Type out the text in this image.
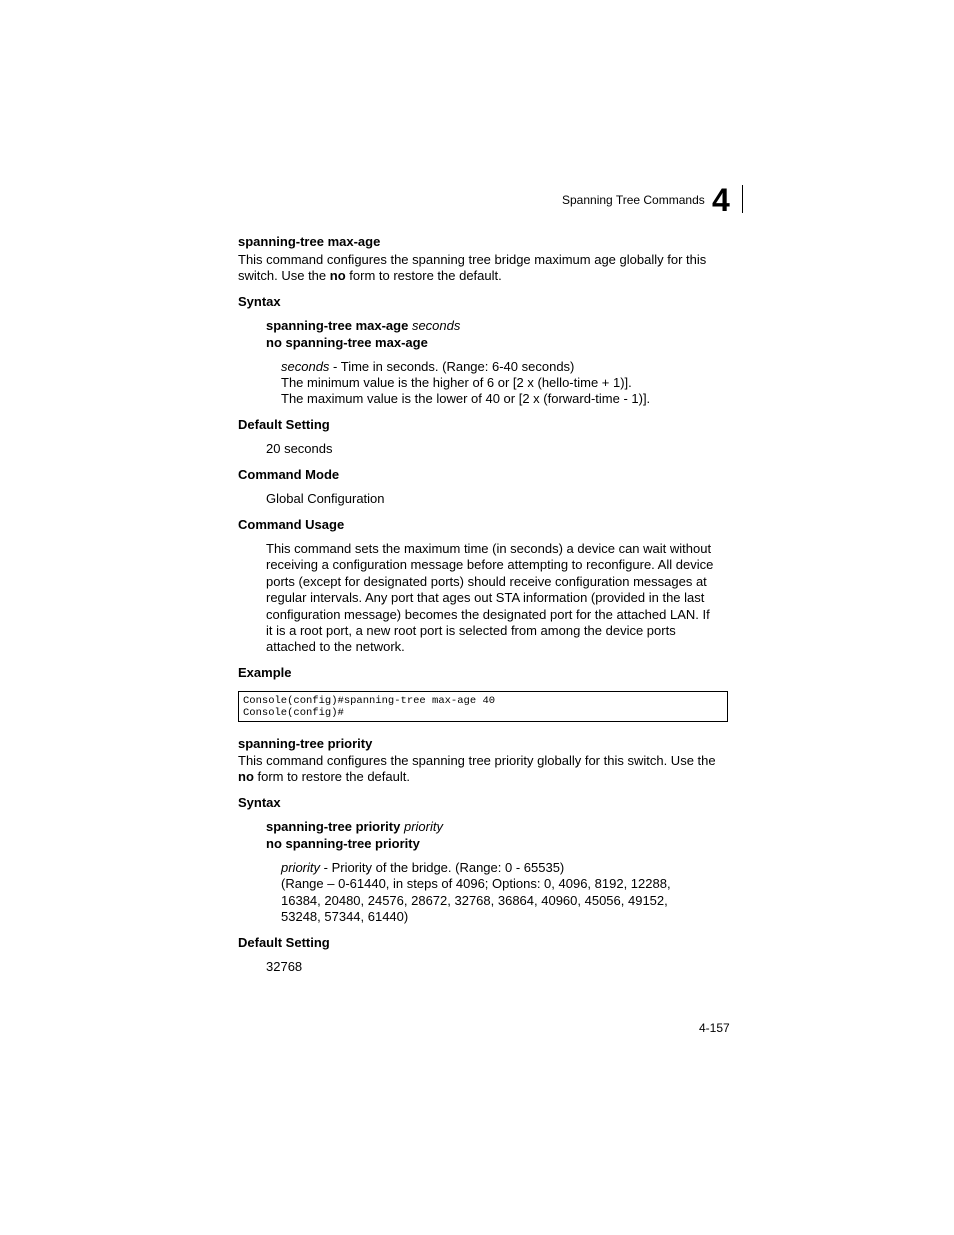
Spanning Tree Commands 4
spanning-tree max-age
This command configures the spanning tree bridge maximum age globally for this
switch. Use the no form to restore the default.
Syntax
spanning-tree max-age seconds
no spanning-tree max-age
seconds - Time in seconds. (Range: 6-40 seconds)
The minimum value is the higher of 6 or [2 x (hello-time + 1)].
The maximum value is the lower of 40 or [2 x (forward-time - 1)].
Default Setting
20 seconds
Command Mode
Global Configuration
Command Usage
This command sets the maximum time (in seconds) a device can wait without
receiving a configuration message before attempting to reconfigure. All device
ports (except for designated ports) should receive configuration messages at
regular intervals. Any port that ages out STA information (provided in the last
configuration message) becomes the designated port for the attached LAN. If
it is a root port, a new root port is selected from among the device ports
attached to the network.
Example
Console(config)#spanning-tree max-age 40
Console(config)#
spanning-tree priority
This command configures the spanning tree priority globally for this switch. Use the
no form to restore the default.
Syntax
spanning-tree priority priority
no spanning-tree priority
priority - Priority of the bridge. (Range: 0 - 65535)
(Range – 0-61440, in steps of 4096; Options: 0, 4096, 8192, 12288,
16384, 20480, 24576, 28672, 32768, 36864, 40960, 45056, 49152,
53248, 57344, 61440)
Default Setting
32768
4-157
